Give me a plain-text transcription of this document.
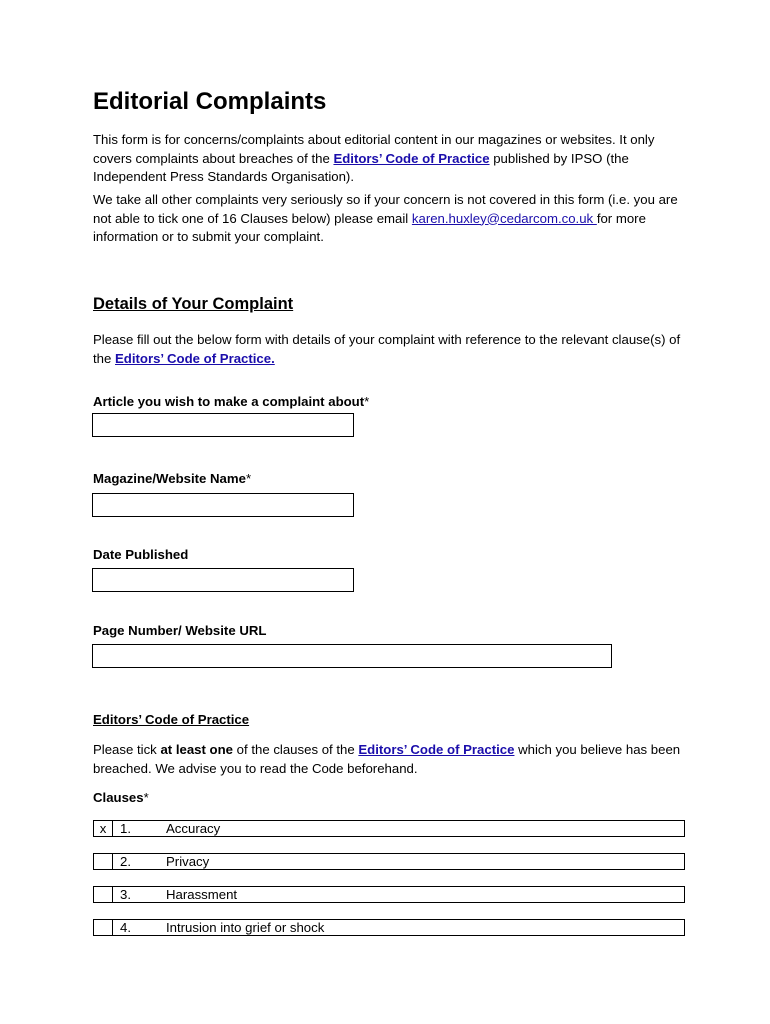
Editorial Complaints

This form is for concerns/complaints about editorial content in our magazines or websites. It only covers complaints about breaches of the Editors’ Code of Practice published by IPSO (the Independent Press Standards Organisation).

We take all other complaints very seriously so if your concern is not covered in this form (i.e. you are not able to tick one of 16 Clauses below) please email karen.huxley@cedarcom.co.uk for more information or to submit your complaint.

Details of Your Complaint

Please fill out the below form with details of your complaint with reference to the relevant clause(s) of the Editors’ Code of Practice.

Article you wish to make a complaint about*
Magazine/Website Name*
Date Published
Page Number/ Website URL
Editors’ Code of Practice

Please tick at least one of the clauses of the Editors’ Code of Practice which you believe has been breached. We advise you to read the Code beforehand.

Clauses*
x	1.	Accuracy
2.	Privacy
3.	Harassment
4.	Intrusion into grief or shock
